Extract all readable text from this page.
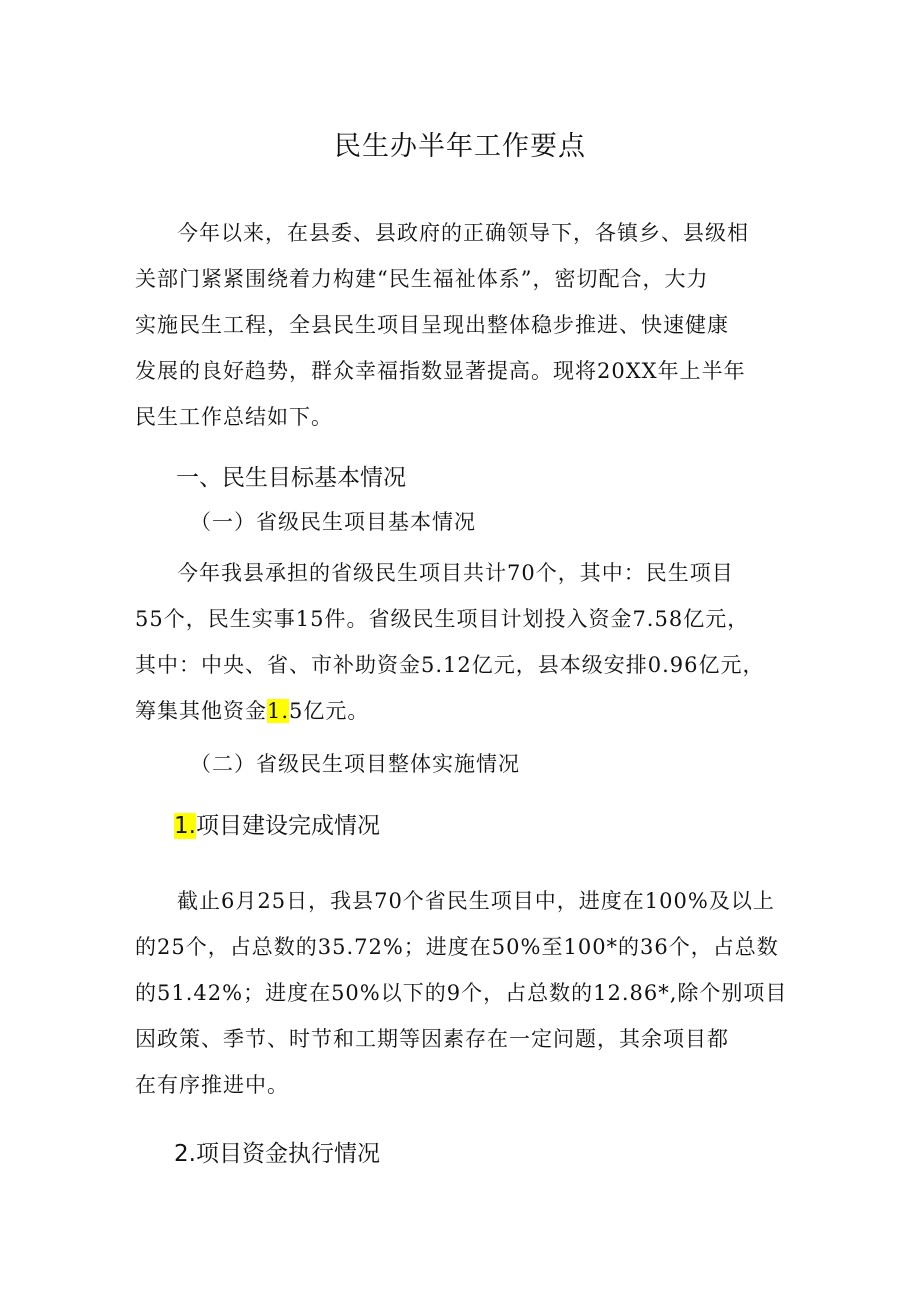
民生办半年工作要点
今年以来，在县委、县政府的正确领导下，各镇乡、县级相
关部门紧紧围绕着力构建“民生福祉体系”，密切配合，大力
实施民生工程，全县民生项目呈现出整体稳步推进、快速健康
发展的良好趋势，群众幸福指数显著提高。现将20XX年上半年
民生工作总结如下。
一、民生目标基本情况
（一）省级民生项目基本情况
今年我县承担的省级民生项目共计70个，其中：民生项目
55个，民生实事15件。省级民生项目计划投入资金7.58亿元，
其中：中央、省、市补助资金5.12亿元，县本级安排0.96亿元，
筹集其他资金1.5亿元。
（二）省级民生项目整体实施情况
1.项目建设完成情况
截止6月25日，我县70个省民生项目中，进度在100%及以上
的25个，占总数的35.72%；进度在50%至100*的36个，占总数
的51.42%；进度在50%以下的9个，占总数的12.86*,除个别项目
因政策、季节、时节和工期等因素存在一定问题，其余项目都
在有序推进中。
2.项目资金执行情况
